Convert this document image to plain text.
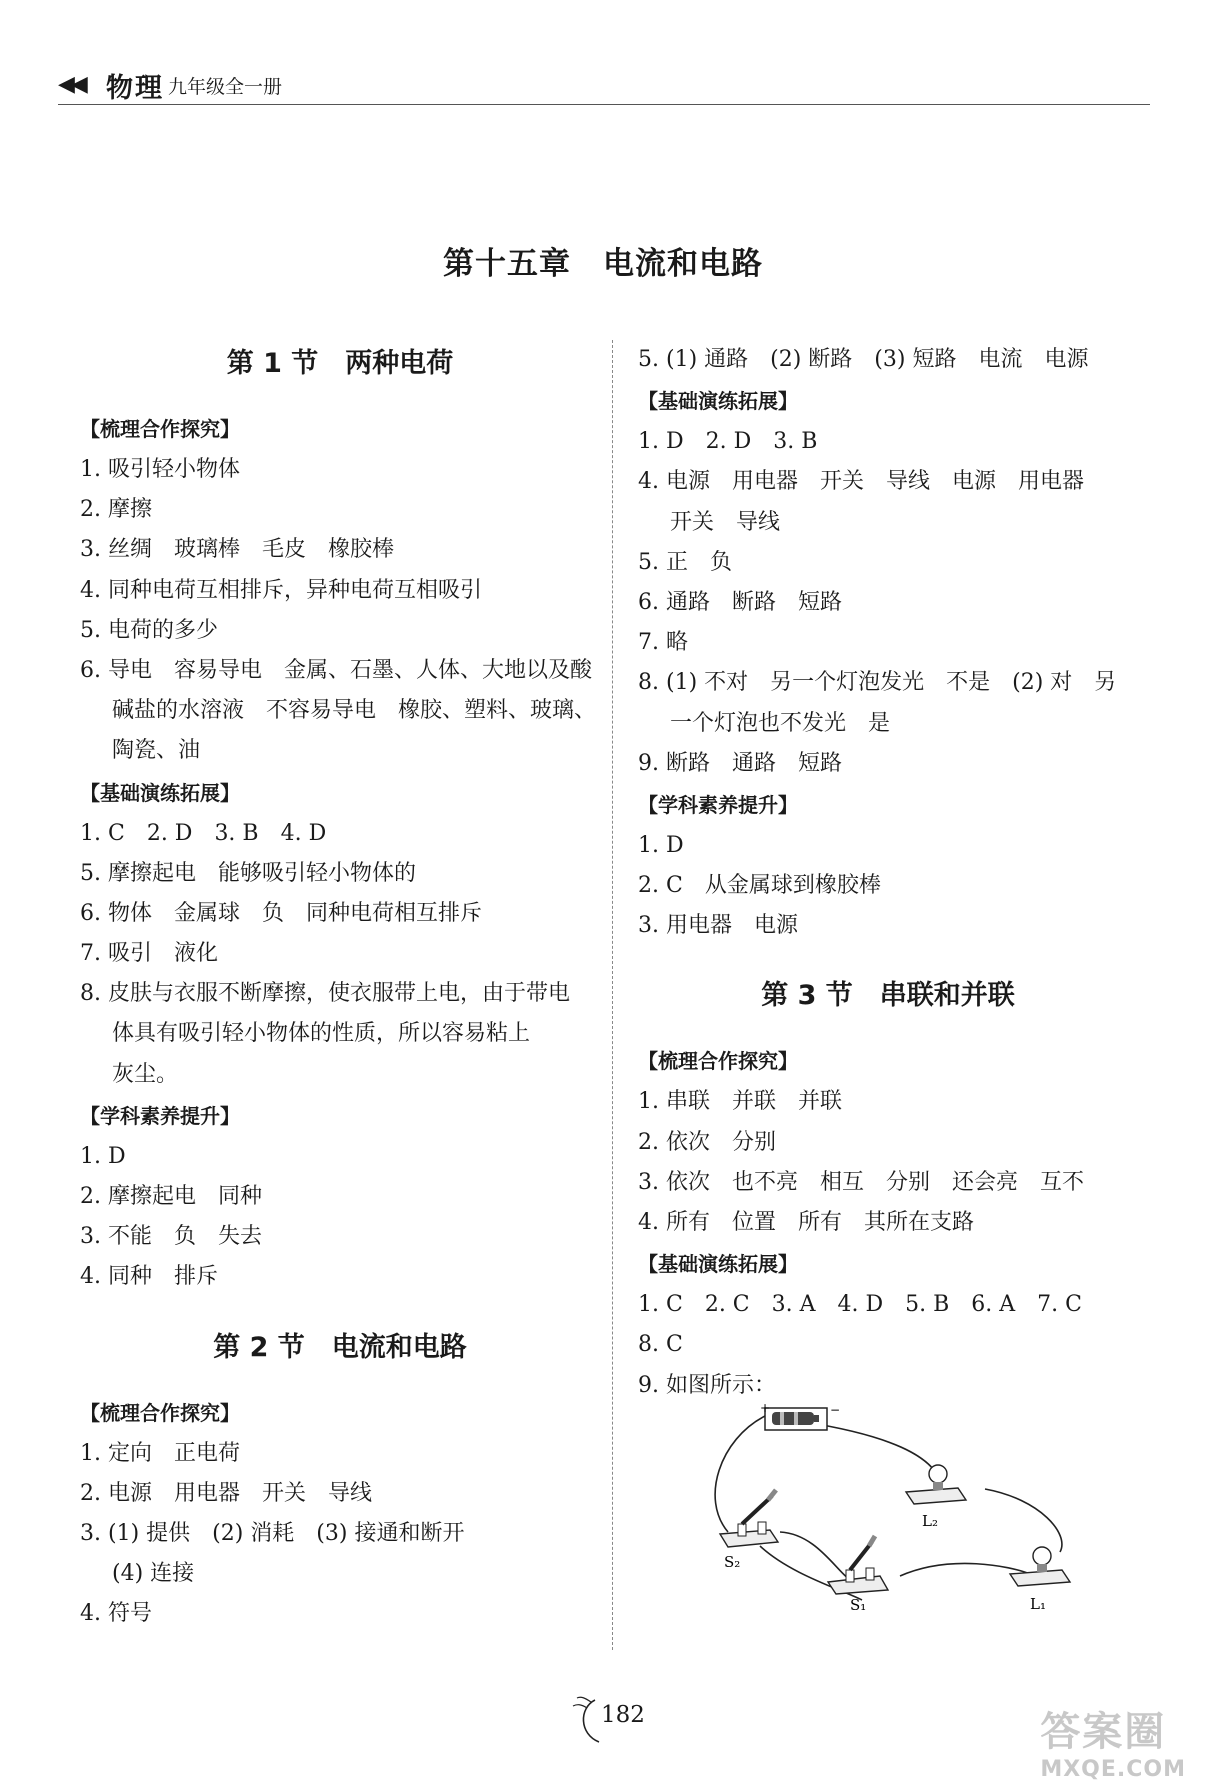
◀◀ 物理 九年级全一册
第十五章　电流和电路
第 1 节　两种电荷
【梳理合作探究】
1. 吸引轻小物体
2. 摩擦
3. 丝绸　玻璃棒　毛皮　橡胶棒
4. 同种电荷互相排斥，异种电荷互相吸引
5. 电荷的多少
6. 导电　容易导电　金属、石墨、人体、大地以及酸
碱盐的水溶液　不容易导电　橡胶、塑料、玻璃、
陶瓷、油
【基础演练拓展】
1. C　2. D　3. B　4. D
5. 摩擦起电　能够吸引轻小物体的
6. 物体　金属球　负　同种电荷相互排斥
7. 吸引　液化
8. 皮肤与衣服不断摩擦，使衣服带上电，由于带电
体具有吸引轻小物体的性质，所以容易粘上
灰尘。
【学科素养提升】
1. D
2. 摩擦起电　同种
3. 不能　负　失去
4. 同种　排斥
第 2 节　电流和电路
【梳理合作探究】
1. 定向　正电荷
2. 电源　用电器　开关　导线
3. (1) 提供　(2) 消耗　(3) 接通和断开
(4) 连接
4. 符号
5. (1) 通路　(2) 断路　(3) 短路　电流　电源
【基础演练拓展】
1. D　2. D　3. B
4. 电源　用电器　开关　导线　电源　用电器
开关　导线
5. 正　负
6. 通路　断路　短路
7. 略
8. (1) 不对　另一个灯泡发光　不是　(2) 对　另
一个灯泡也不发光　是
9. 断路　通路　短路
【学科素养提升】
1. D
2. C　从金属球到橡胶棒
3. 用电器　电源
第 3 节　串联和并联
【梳理合作探究】
1. 串联　并联　并联
2. 依次　分别
3. 依次　也不亮　相互　分别　还会亮　互不
4. 所有　位置　所有　其所在支路
【基础演练拓展】
1. C　2. C　3. A　4. D　5. B　6. A　7. C
8. C
9. 如图所示：
+	−
S₂
L₂
S₁	L₁
182	答案圈
MXQE.COM
